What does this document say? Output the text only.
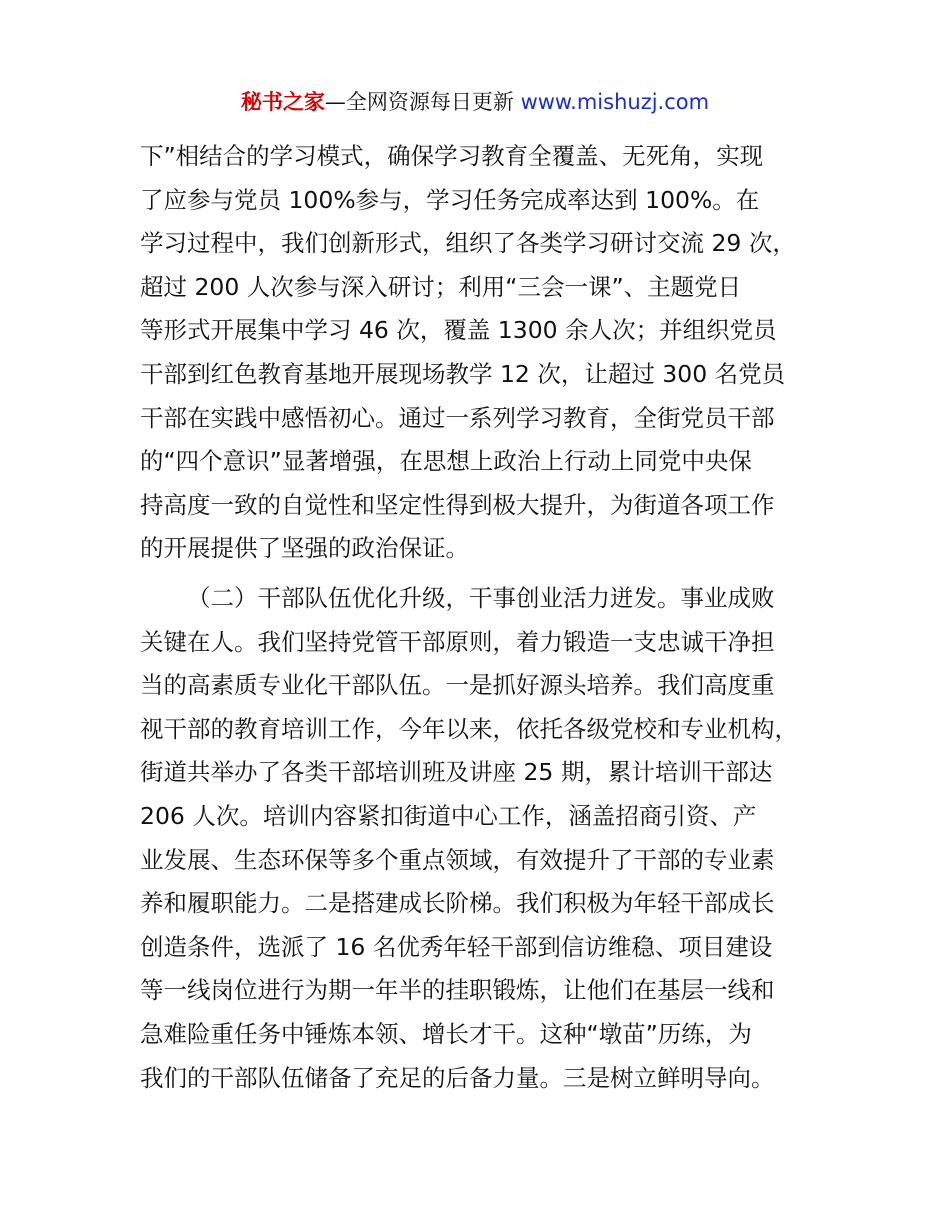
秘书之家—全网资源每日更新 www.mishuzj.com
下”相结合的学习模式，确保学习教育全覆盖、无死角，实现
了应参与党员 100%参与，学习任务完成率达到 100%。在
学习过程中，我们创新形式，组织了各类学习研讨交流 29 次，
超过 200 人次参与深入研讨；利用“三会一课”、主题党日
等形式开展集中学习 46 次，覆盖 1300 余人次；并组织党员
干部到红色教育基地开展现场教学 12 次，让超过 300 名党员
干部在实践中感悟初心。通过一系列学习教育，全街党员干部
的“四个意识”显著增强，在思想上政治上行动上同党中央保
持高度一致的自觉性和坚定性得到极大提升，为街道各项工作
的开展提供了坚强的政治保证。
（二）干部队伍优化升级，干事创业活力迸发。事业成败
关键在人。我们坚持党管干部原则，着力锻造一支忠诚干净担
当的高素质专业化干部队伍。一是抓好源头培养。我们高度重
视干部的教育培训工作，今年以来，依托各级党校和专业机构，
街道共举办了各类干部培训班及讲座 25 期，累计培训干部达
206 人次。培训内容紧扣街道中心工作，涵盖招商引资、产
业发展、生态环保等多个重点领域，有效提升了干部的专业素
养和履职能力。二是搭建成长阶梯。我们积极为年轻干部成长
创造条件，选派了 16 名优秀年轻干部到信访维稳、项目建设
等一线岗位进行为期一年半的挂职锻炼，让他们在基层一线和
急难险重任务中锤炼本领、增长才干。这种“墩苗”历练，为
我们的干部队伍储备了充足的后备力量。三是树立鲜明导向。
